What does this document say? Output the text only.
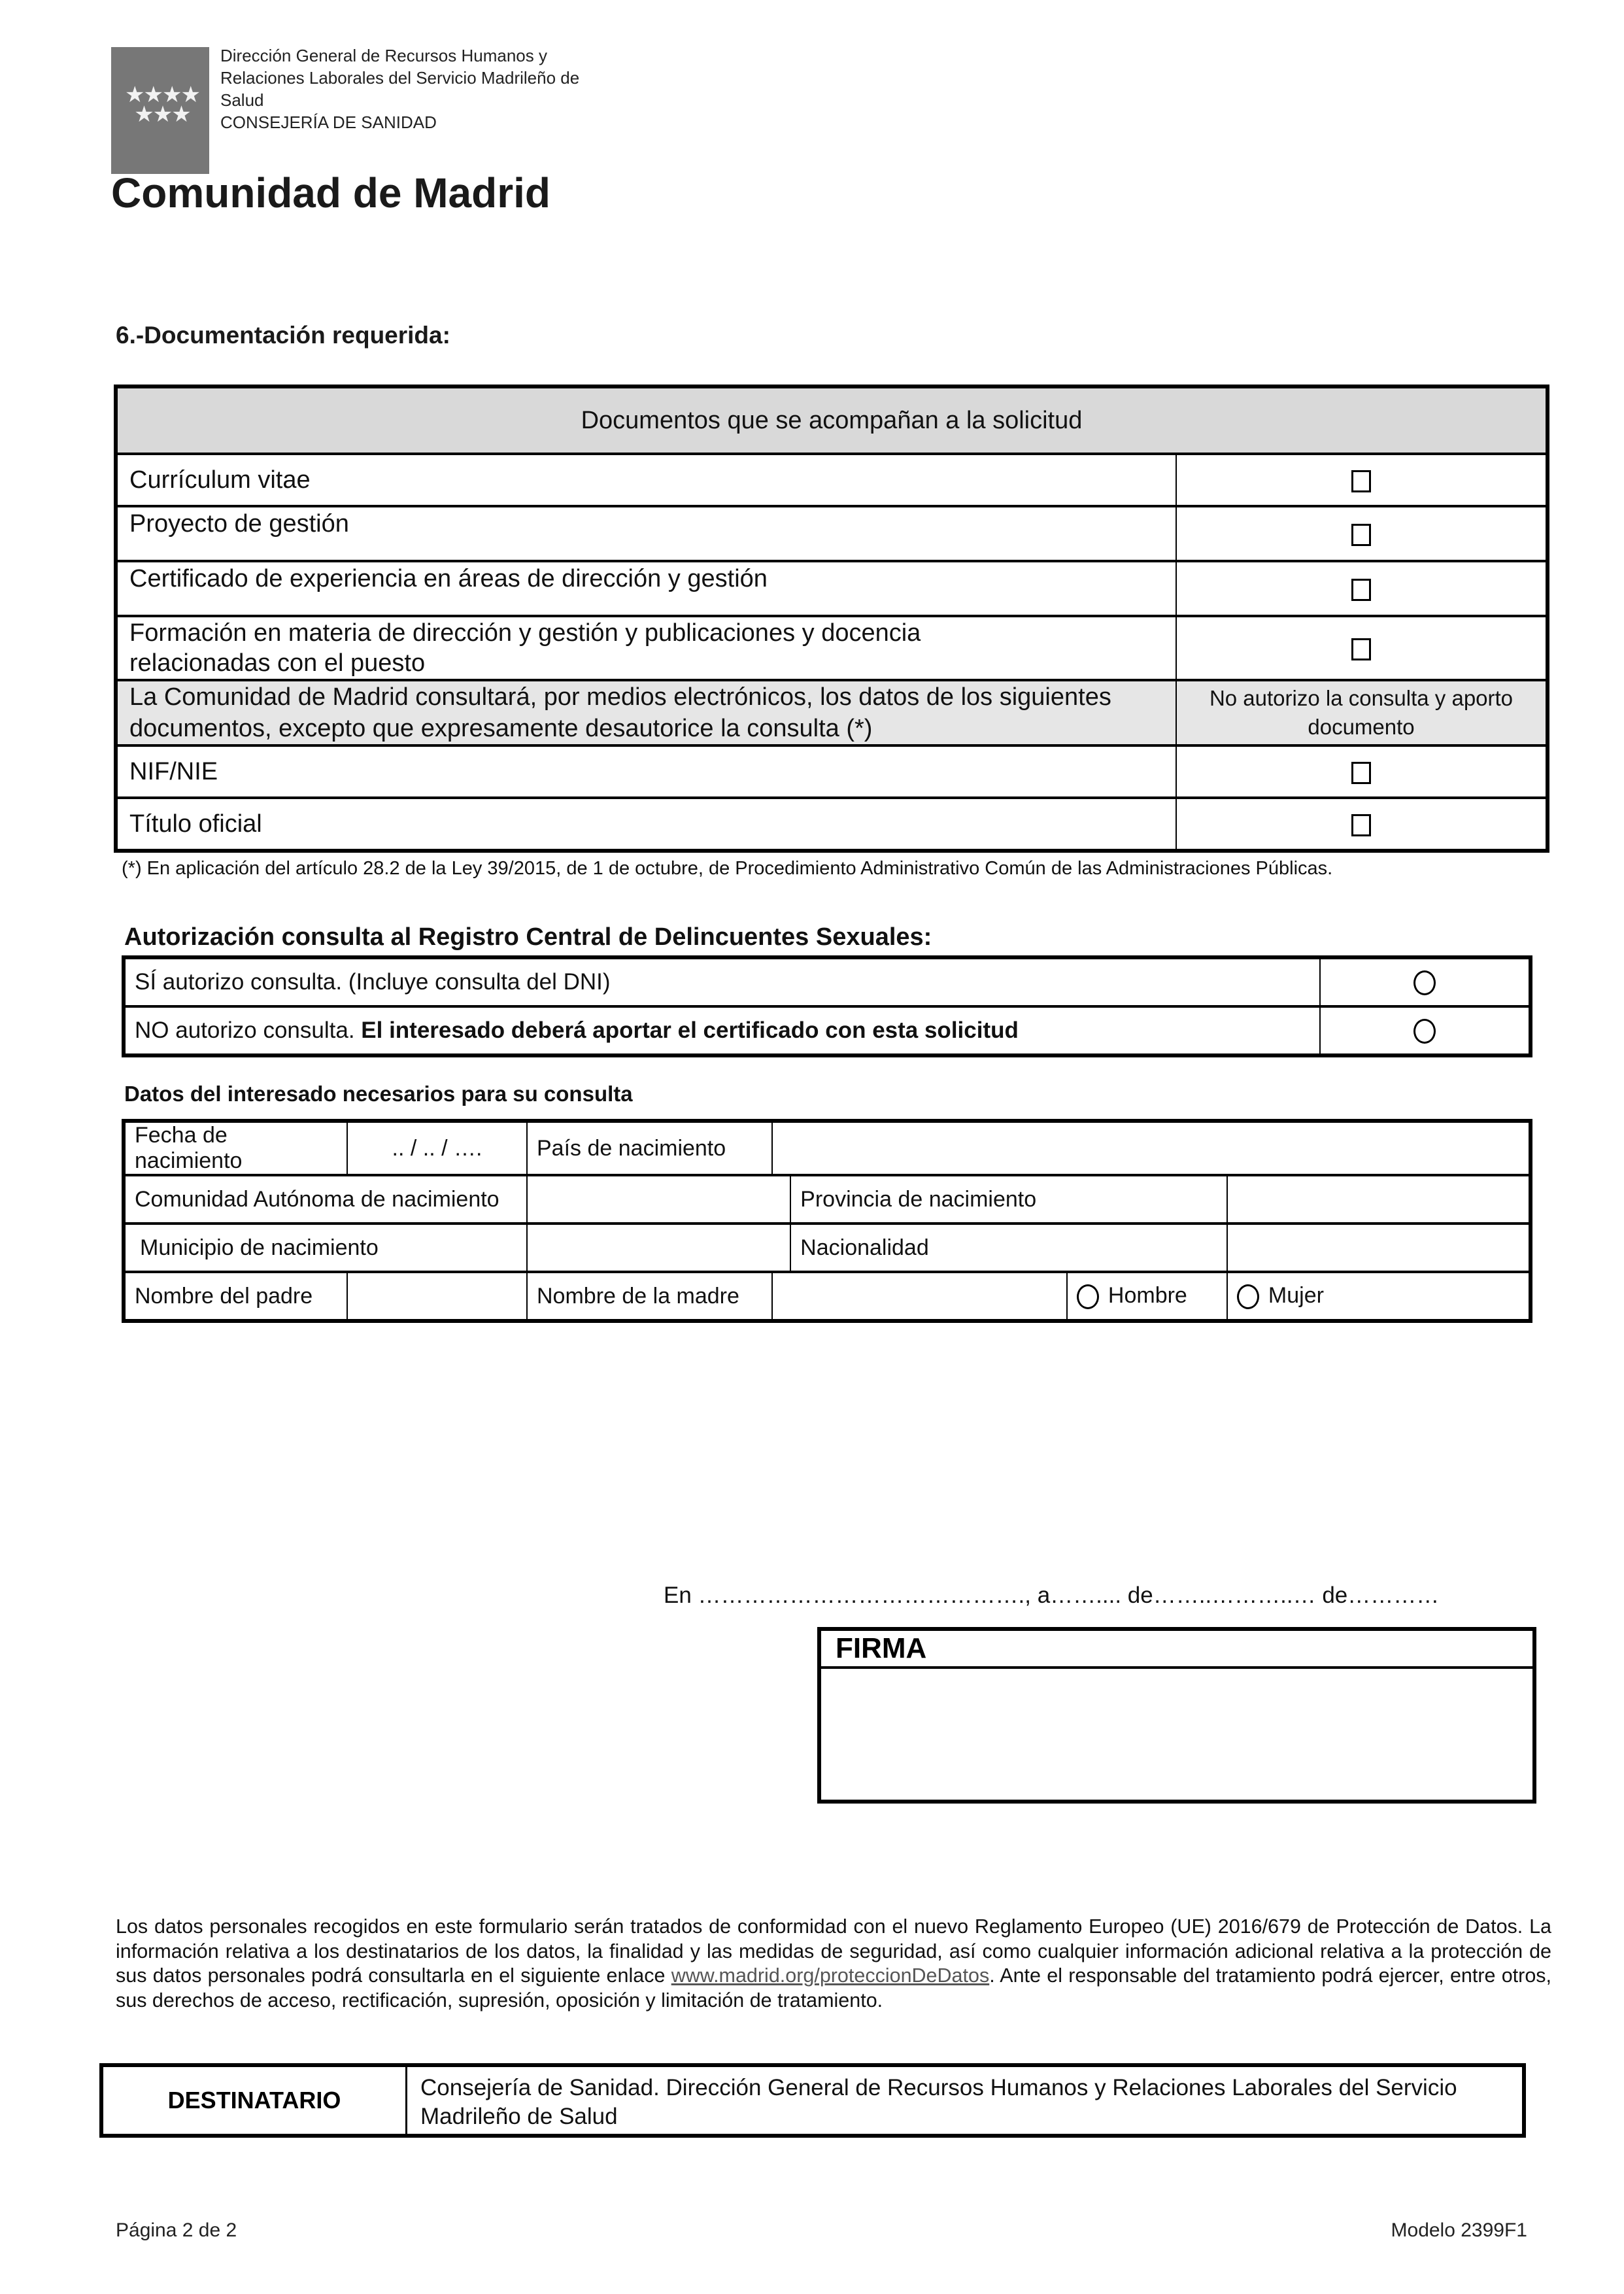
★★★★
★★★
Dirección General de Recursos Humanos y
Relaciones Laborales del Servicio Madrileño de
Salud
CONSEJERÍA DE SANIDAD
Comunidad de Madrid
6.-Documentación requerida:
Documentos que se acompañan a la solicitud	
Currículum vitae	
Proyecto de gestión	
Certificado de experiencia en áreas de dirección y gestión	
Formación en materia de dirección y gestión y publicaciones y docencia relacionadas con el puesto	
La Comunidad de Madrid consultará, por medios electrónicos, los datos de los siguientes documentos, excepto que expresamente desautorice la consulta (*)	No autorizo la consulta y aporto documento
NIF/NIE	
Título oficial	
(*) En aplicación del artículo 28.2 de la Ley 39/2015, de 1 de octubre, de Procedimiento Administrativo Común de las Administraciones Públicas.
Autorización consulta al Registro Central de Delincuentes Sexuales:
SÍ autorizo consulta. (Incluye consulta del DNI)	
NO autorizo consulta. El interesado deberá aportar el certificado con esta solicitud	
Datos del interesado necesarios para su consulta
Fecha de nacimiento	.. / .. / ….	País de nacimiento				
Comunidad Autónoma de nacimiento				Provincia de nacimiento		
Municipio de nacimiento				Nacionalidad		
Nombre del padre		Nombre de la madre			Hombre	Mujer
En ……………………………………., a…….... de……..………..… de…………
FIRMA
Los datos personales recogidos en este formulario serán tratados de conformidad con el nuevo Reglamento Europeo (UE) 2016/679 de Protección de Datos. La información relativa a los destinatarios de los datos, la finalidad y las medidas de seguridad, así como cualquier información adicional relativa a la protección de sus datos personales podrá consultarla en el siguiente enlace www.madrid.org/proteccionDeDatos. Ante el responsable del tratamiento podrá ejercer, entre otros, sus derechos de acceso, rectificación, supresión, oposición y limitación de tratamiento.
DESTINATARIO	Consejería de Sanidad. Dirección General de Recursos Humanos y Relaciones Laborales del Servicio Madrileño de Salud
Página 2 de 2	Modelo 2399F1
